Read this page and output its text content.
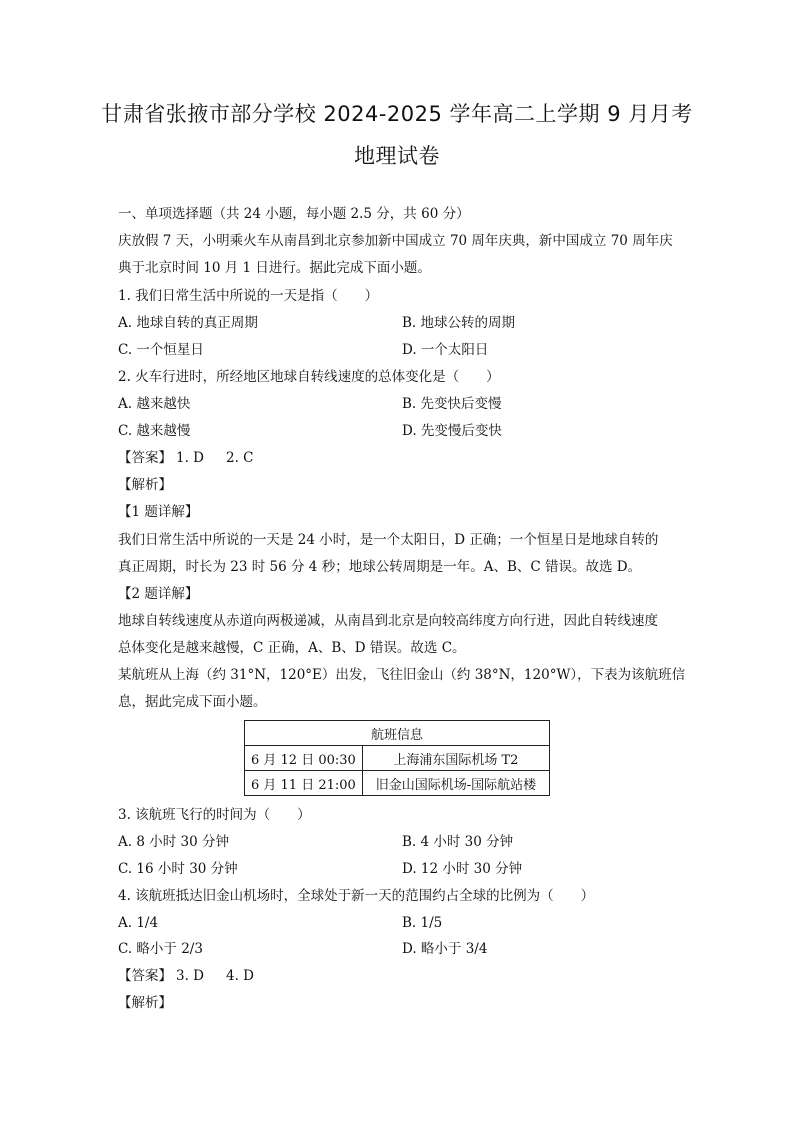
甘肃省张掖市部分学校 2024-2025 学年高二上学期 9 月月考
地理试卷
一、单项选择题（共 24 小题，每小题 2.5 分，共 60 分）
庆放假 7 天，小明乘火车从南昌到北京参加新中国成立 70 周年庆典，新中国成立 70 周年庆
典于北京时间 10 月 1 日进行。据此完成下面小题。
1. 我们日常生活中所说的一天是指（　　）
A. 地球自转的真正周期	B. 地球公转的周期
C. 一个恒星日	D. 一个太阳日
2. 火车行进时，所经地区地球自转线速度的总体变化是（　　）
A. 越来越快	B. 先变快后变慢
C. 越来越慢	D. 先变慢后变快
【答案】 1. D 2. C
【解析】
【1 题详解】
我们日常生活中所说的一天是 24 小时，是一个太阳日，D 正确；一个恒星日是地球自转的
真正周期，时长为 23 时 56 分 4 秒；地球公转周期是一年。A、B、C 错误。故选 D。
【2 题详解】
地球自转线速度从赤道向两极递减，从南昌到北京是向较高纬度方向行进，因此自转线速度
总体变化是越来越慢，C 正确，A、B、D 错误。故选 C。
某航班从上海（约 31°N，120°E）出发，飞往旧金山（约 38°N，120°W），下表为该航班信
息，据此完成下面小题。
航班信息	
6 月 12 日 00:30	上海浦东国际机场 T2
6 月 11 日 21:00	旧金山国际机场-国际航站楼
3. 该航班飞行的时间为（　　）
A. 8 小时 30 分钟	B. 4 小时 30 分钟
C. 16 小时 30 分钟	D. 12 小时 30 分钟
4. 该航班抵达旧金山机场时，全球处于新一天的范围约占全球的比例为（　　）
A. 1/4	B. 1/5
C. 略小于 2/3	D. 略小于 3/4
【答案】 3. D 4. D
【解析】
